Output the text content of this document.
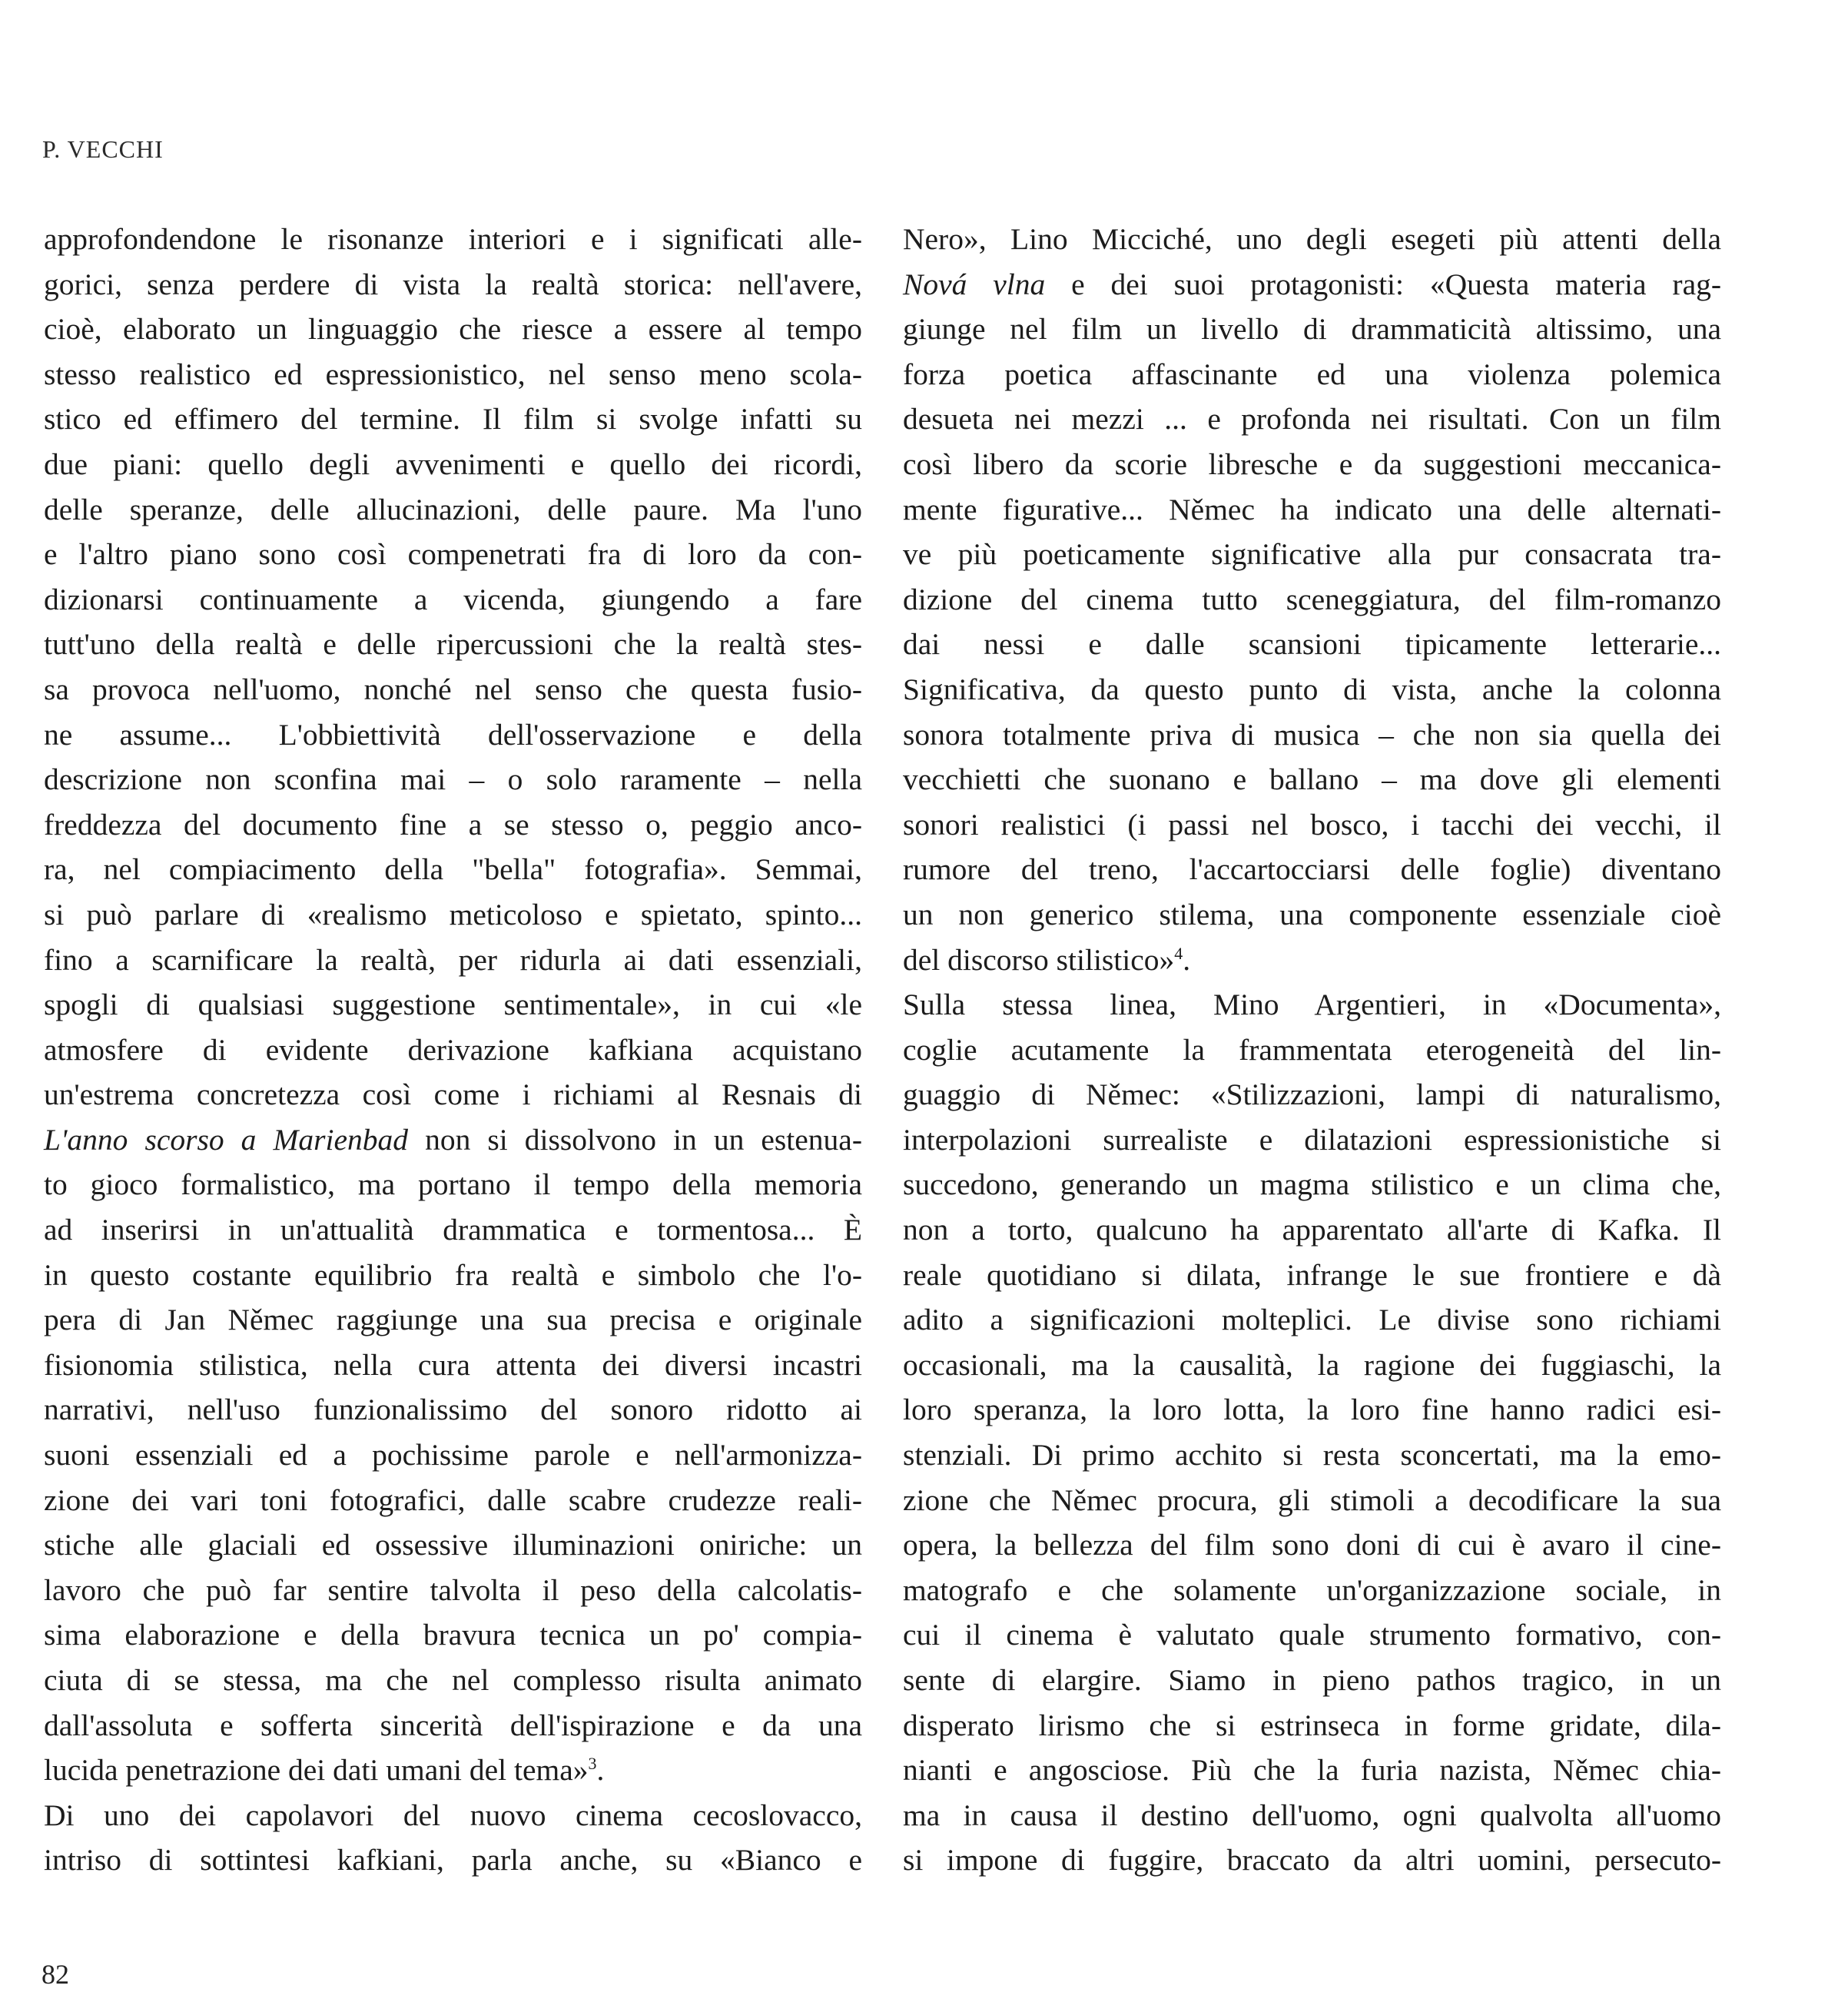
P. VECCHI
approfondendone le risonanze interiori e i significati alle-
gorici, senza perdere di vista la realtà storica: nell'avere,
cioè, elaborato un linguaggio che riesce a essere al tempo
stesso realistico ed espressionistico, nel senso meno scola-
stico ed effimero del termine. Il film si svolge infatti su
due piani: quello degli avvenimenti e quello dei ricordi,
delle speranze, delle allucinazioni, delle paure. Ma l'uno
e l'altro piano sono così compenetrati fra di loro da con-
dizionarsi continuamente a vicenda, giungendo a fare
tutt'uno della realtà e delle ripercussioni che la realtà stes-
sa provoca nell'uomo, nonché nel senso che questa fusio-
ne assume... L'obbiettività dell'osservazione e della
descrizione non sconfina mai – o solo raramente – nella
freddezza del documento fine a se stesso o, peggio anco-
ra, nel compiacimento della "bella" fotografia». Semmai,
si può parlare di «realismo meticoloso e spietato, spinto...
fino a scarnificare la realtà, per ridurla ai dati essenziali,
spogli di qualsiasi suggestione sentimentale», in cui «le
atmosfere di evidente derivazione kafkiana acquistano
un'estrema concretezza così come i richiami al Resnais di
L'anno scorso a Marienbad non si dissolvono in un estenua-
to gioco formalistico, ma portano il tempo della memoria
ad inserirsi in un'attualità drammatica e tormentosa... È
in questo costante equilibrio fra realtà e simbolo che l'o-
pera di Jan Němec raggiunge una sua precisa e originale
fisionomia stilistica, nella cura attenta dei diversi incastri
narrativi, nell'uso funzionalissimo del sonoro ridotto ai
suoni essenziali ed a pochissime parole e nell'armonizza-
zione dei vari toni fotografici, dalle scabre crudezze reali-
stiche alle glaciali ed ossessive illuminazioni oniriche: un
lavoro che può far sentire talvolta il peso della calcolatis-
sima elaborazione e della bravura tecnica un po' compia-
ciuta di se stessa, ma che nel complesso risulta animato
dall'assoluta e sofferta sincerità dell'ispirazione e da una
lucida penetrazione dei dati umani del tema»$^3$.
Di uno dei capolavori del nuovo cinema cecoslovacco,
intriso di sottintesi kafkiani, parla anche, su «Bianco e
Nero», Lino Micciché, uno degli esegeti più attenti della
Nová vlna e dei suoi protagonisti: «Questa materia rag-
giunge nel film un livello di drammaticità altissimo, una
forza poetica affascinante ed una violenza polemica
desueta nei mezzi ... e profonda nei risultati. Con un film
così libero da scorie libresche e da suggestioni meccanica-
mente figurative... Němec ha indicato una delle alternati-
ve più poeticamente significative alla pur consacrata tra-
dizione del cinema tutto sceneggiatura, del film-romanzo
dai nessi e dalle scansioni tipicamente letterarie...
Significativa, da questo punto di vista, anche la colonna
sonora totalmente priva di musica – che non sia quella dei
vecchietti che suonano e ballano – ma dove gli elementi
sonori realistici (i passi nel bosco, i tacchi dei vecchi, il
rumore del treno, l'accartocciarsi delle foglie) diventano
un non generico stilema, una componente essenziale cioè
del discorso stilistico»$^4$.
Sulla stessa linea, Mino Argentieri, in «Documenta»,
coglie acutamente la frammentata eterogeneità del lin-
guaggio di Němec: «Stilizzazioni, lampi di naturalismo,
interpolazioni surrealiste e dilatazioni espressionistiche si
succedono, generando un magma stilistico e un clima che,
non a torto, qualcuno ha apparentato all'arte di Kafka. Il
reale quotidiano si dilata, infrange le sue frontiere e dà
adito a significazioni molteplici. Le divise sono richiami
occasionali, ma la causalità, la ragione dei fuggiaschi, la
loro speranza, la loro lotta, la loro fine hanno radici esi-
stenziali. Di primo acchito si resta sconcertati, ma la emo-
zione che Němec procura, gli stimoli a decodificare la sua
opera, la bellezza del film sono doni di cui è avaro il cine-
matografo e che solamente un'organizzazione sociale, in
cui il cinema è valutato quale strumento formativo, con-
sente di elargire. Siamo in pieno pathos tragico, in un
disperato lirismo che si estrinseca in forme gridate, dila-
nianti e angosciose. Più che la furia nazista, Němec chia-
ma in causa il destino dell'uomo, ogni qualvolta all'uomo
si impone di fuggire, braccato da altri uomini, persecuto-
82
